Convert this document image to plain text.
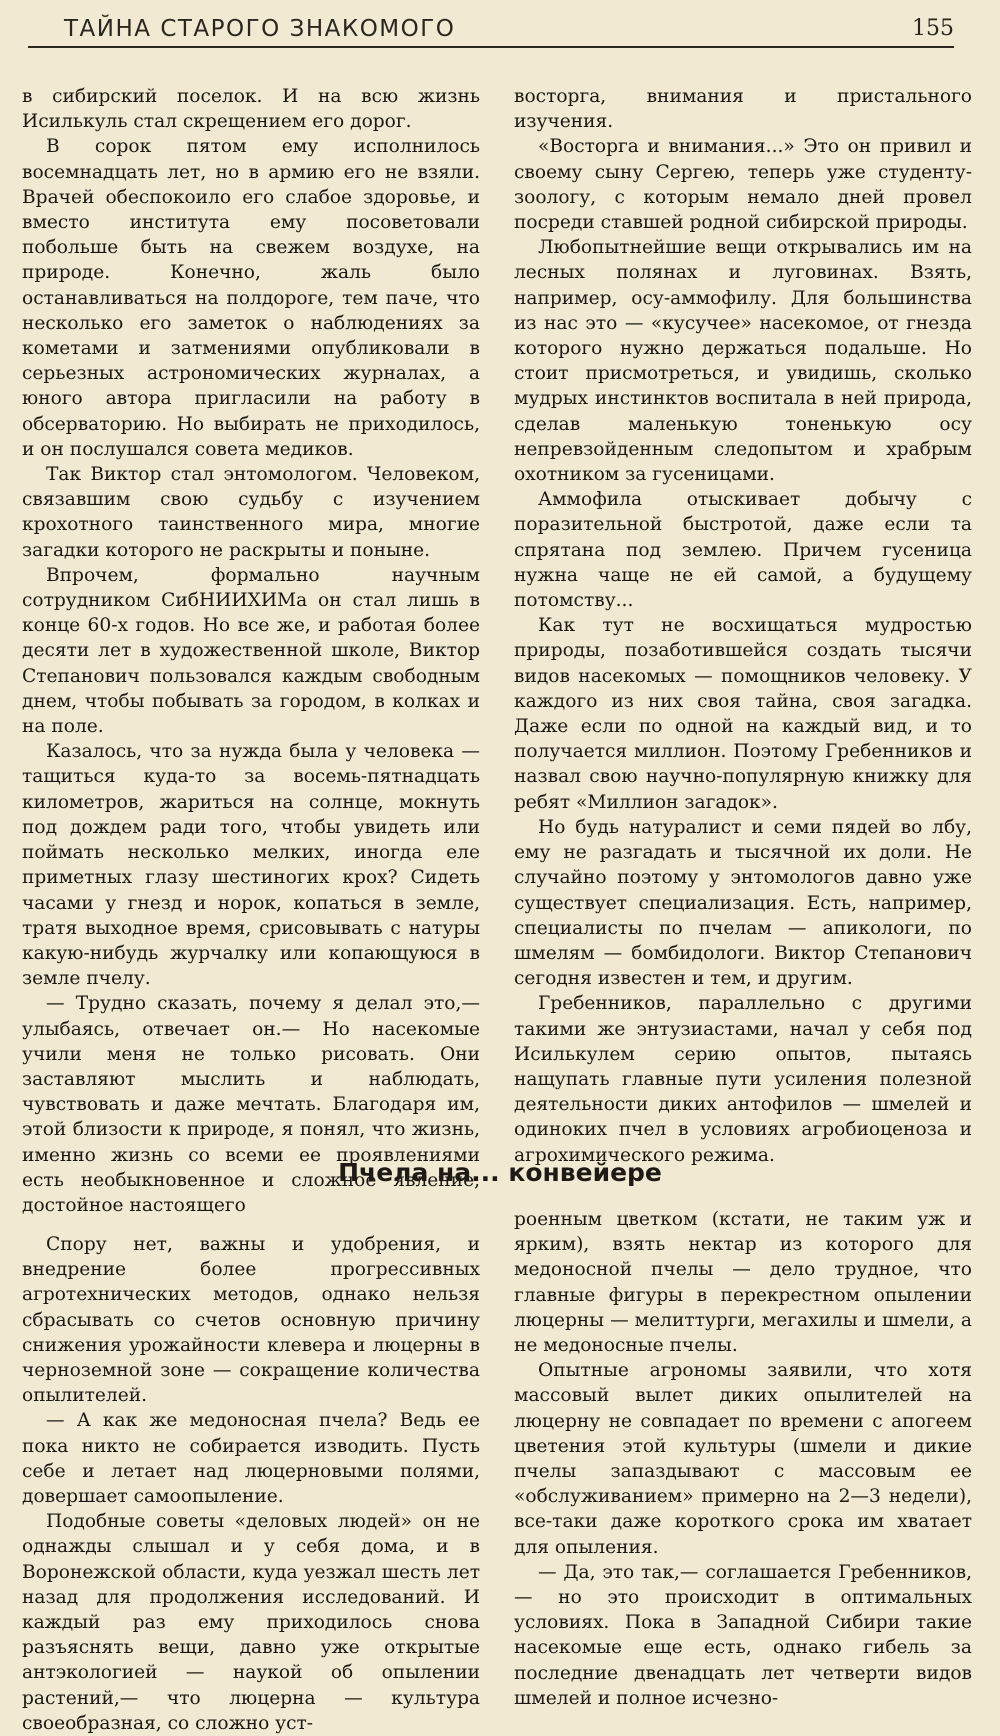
ТАЙНА СТАРОГО ЗНАКОМОГО	155

в сибирский поселок. И на всю жизнь Исилькуль стал скрещением его дорог.

В сорок пятом ему исполнилось восемнадцать лет, но в армию его не взяли. Врачей обеспокоило его слабое здоровье, и вместо института ему посоветовали побольше быть на свежем воздухе, на природе. Конечно, жаль было останавливаться на полдороге, тем паче, что несколько его заметок о наблюдениях за кометами и затмениями опубликовали в серьезных астрономических журналах, а юного автора пригласили на работу в обсерваторию. Но выбирать не приходилось, и он послушался совета медиков.

Так Виктор стал энтомологом. Человеком, связавшим свою судьбу с изучением крохотного таинственного мира, многие загадки которого не раскрыты и поныне.

Впрочем, формально научным сотрудником СибНИИХИМа он стал лишь в конце 60-х годов. Но все же, и работая более десяти лет в художественной школе, Виктор Степанович пользовался каждым свободным днем, чтобы побывать за городом, в колках и на поле.

Казалось, что за нужда была у человека — тащиться куда-то за восемь-пятнадцать километров, жариться на солнце, мокнуть под дождем ради того, чтобы увидеть или поймать несколько мелких, иногда еле приметных глазу шестиногих крох? Сидеть часами у гнезд и норок, копаться в земле, тратя выходное время, срисовывать с натуры какую-нибудь журчалку или копающуюся в земле пчелу.

— Трудно сказать, почему я делал это,— улыбаясь, отвечает он.— Но насекомые учили меня не только рисовать. Они заставляют мыслить и наблюдать, чувствовать и даже мечтать. Благодаря им, этой близости к природе, я понял, что жизнь, именно жизнь со всеми ее проявлениями есть необыкновенное и сложное явление, достойное настоящего

восторга, внимания и пристального изучения.

«Восторга и внимания...» Это он привил и своему сыну Сергею, теперь уже студенту-зоологу, с которым немало дней провел посреди ставшей родной сибирской природы.

Любопытнейшие вещи открывались им на лесных полянах и луговинах. Взять, например, осу-аммофилу. Для большинства из нас это — «кусучее» насекомое, от гнезда которого нужно держаться подальше. Но стоит присмотреться, и увидишь, сколько мудрых инстинктов воспитала в ней природа, сделав маленькую тоненькую осу непревзойденным следопытом и храбрым охотником за гусеницами.

Аммофила отыскивает добычу с поразительной быстротой, даже если та спрятана под землею. Причем гусеница нужна чаще не ей самой, а будущему потомству...

Как тут не восхищаться мудростью природы, позаботившейся создать тысячи видов насекомых — помощников человеку. У каждого из них своя тайна, своя загадка. Даже если по одной на каждый вид, и то получается миллион. Поэтому Гребенников и назвал свою научно-популярную книжку для ребят «Миллион загадок».

Но будь натуралист и семи пядей во лбу, ему не разгадать и тысячной их доли. Не случайно поэтому у энтомологов давно уже существует специализация. Есть, например, специалисты по пчелам — апикологи, по шмелям — бомбидологи. Виктор Степанович сегодня известен и тем, и другим.

Гребенников, параллельно с другими такими же энтузиастами, начал у себя под Исилькулем серию опытов, пытаясь нащупать главные пути усиления полезной деятельности диких антофилов — шмелей и одиноких пчел в условиях агробиоценоза и агрохимического режима.

Пчела на... конвейере

Спору нет, важны и удобрения, и внедрение более прогрессивных агротехнических методов, однако нельзя сбрасывать со счетов основную причину снижения урожайности клевера и люцерны в черноземной зоне — сокращение количества опылителей.

— А как же медоносная пчела? Ведь ее пока никто не собирается изводить. Пусть себе и летает над люцерновыми полями, довершает самоопыление.

Подобные советы «деловых людей» он не однажды слышал и у себя дома, и в Воронежской области, куда уезжал шесть лет назад для продолжения исследований. И каждый раз ему приходилось снова разъяснять вещи, давно уже открытые антэкологией — наукой об опылении растений,— что люцерна — культура своеобразная, со сложно уст-

роенным цветком (кстати, не таким уж и ярким), взять нектар из которого для медоносной пчелы — дело трудное, что главные фигуры в перекрестном опылении люцерны — мелиттурги, мегахилы и шмели, а не медоносные пчелы.

Опытные агрономы заявили, что хотя массовый вылет диких опылителей на люцерну не совпадает по времени с апогеем цветения этой культуры (шмели и дикие пчелы запаздывают с массовым ее «обслуживанием» примерно на 2—3 недели), все-таки даже короткого срока им хватает для опыления.

— Да, это так,— соглашается Гребенников,— но это происходит в оптимальных условиях. Пока в Западной Сибири такие насекомые еще есть, однако гибель за последние двенадцать лет четверти видов шмелей и полное исчезно-
